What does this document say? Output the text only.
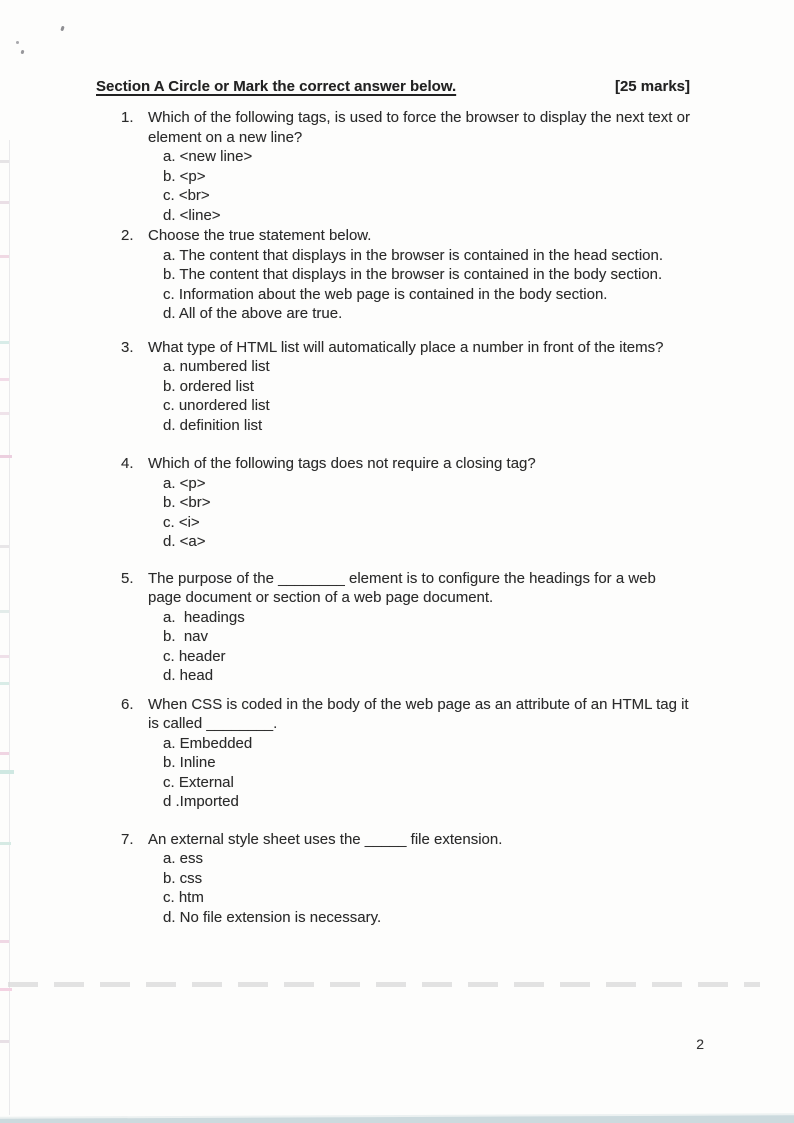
Section A Circle or Mark the correct answer below.	[25 marks]
1. Which of the following tags, is used to force the browser to display the next text or element on a new line?
a. <new line>
b. <p>
c. <br>
d. <line>
2. Choose the true statement below.
a. The content that displays in the browser is contained in the head section.
b. The content that displays in the browser is contained in the body section.
c. Information about the web page is contained in the body section.
d. All of the above are true.
3. What type of HTML list will automatically place a number in front of the items?
a. numbered list
b. ordered list
c. unordered list
d. definition list
4. Which of the following tags does not require a closing tag?
a. <p>
b. <br>
c. <i>
d. <a>
5. The purpose of the ________ element is to configure the headings for a web page document or section of a web page document.
a.  headings
b.  nav
c. header
d. head
6. When CSS is coded in the body of the web page as an attribute of an HTML tag it is called ________.
a. Embedded
b. Inline
c. External
d .Imported
7. An external style sheet uses the _____ file extension.
a. ess
b. css
c. htm
d. No file extension is necessary.
2
